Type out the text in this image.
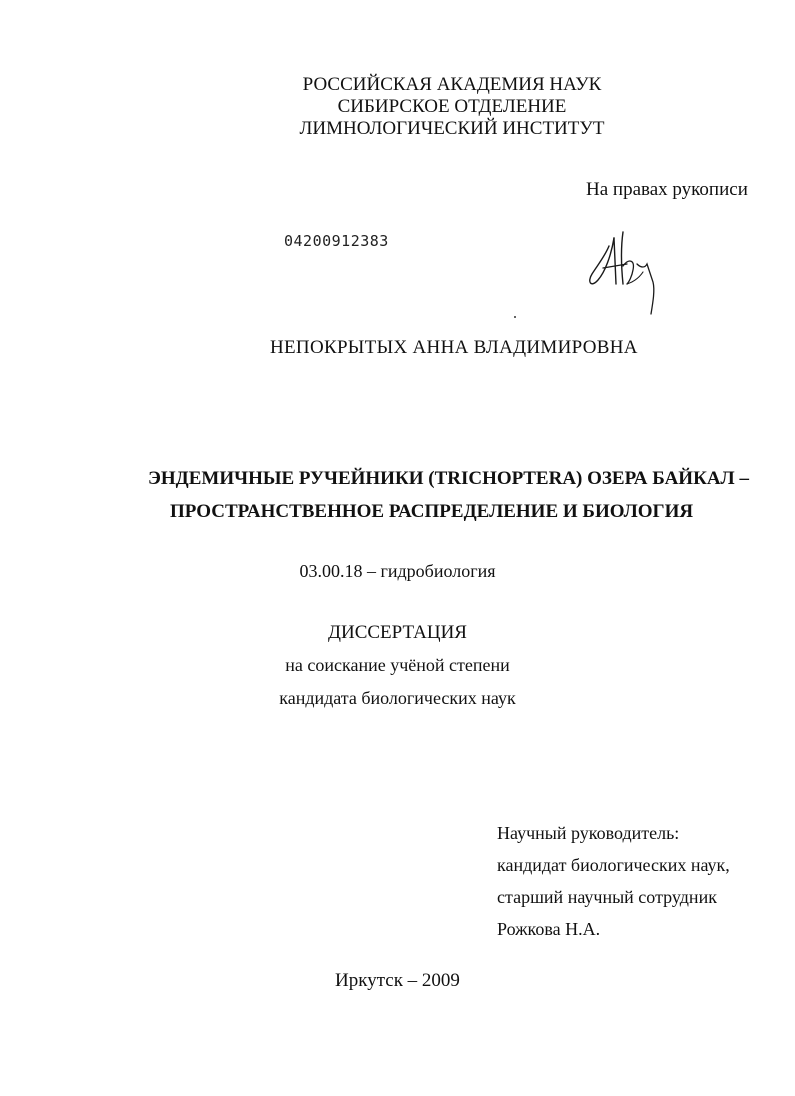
РОССИЙСКАЯ АКАДЕМИЯ НАУК
СИБИРСКОЕ ОТДЕЛЕНИЕ
ЛИМНОЛОГИЧЕСКИЙ ИНСТИТУТ
На правах рукописи
04200912383
НЕПОКРЫТЫХ АННА ВЛАДИМИРОВНА
ЭНДЕМИЧНЫЕ РУЧЕЙНИКИ (TRICHOPTERA) ОЗЕРА БАЙКАЛ –
ПРОСТРАНСТВЕННОЕ РАСПРЕДЕЛЕНИЕ И БИОЛОГИЯ
03.00.18 – гидробиология
ДИССЕРТАЦИЯ
на соискание учёной степени
кандидата биологических наук
Научный руководитель:
кандидат биологических наук,
старший научный сотрудник
Рожкова Н.А.
Иркутск – 2009
